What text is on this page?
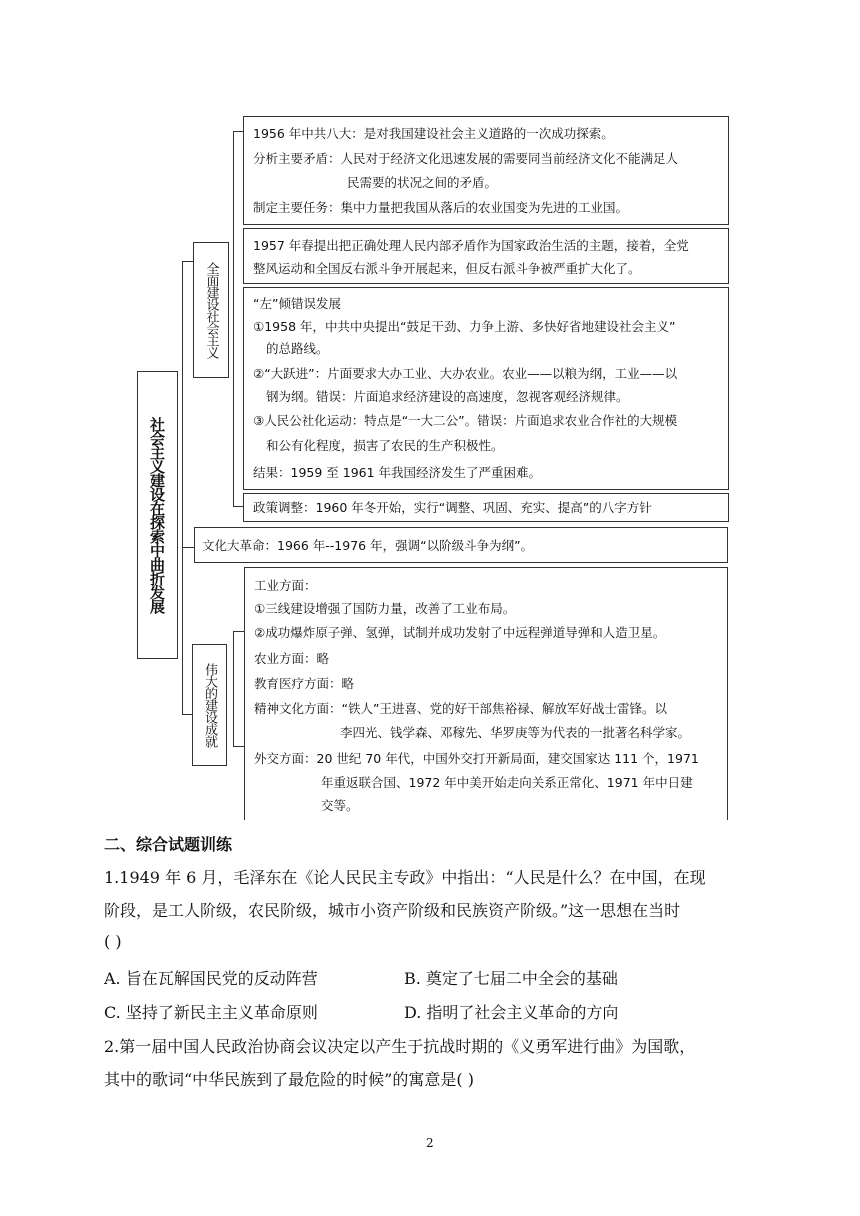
社会主义建设在探索中曲折发展
全面建设社会主义
伟大的建设成就
1956 年中共八大：是对我国建设社会主义道路的一次成功探索。
分析主要矛盾：人民对于经济文化迅速发展的需要同当前经济文化不能满足人
民需要的状况之间的矛盾。
制定主要任务：集中力量把我国从落后的农业国变为先进的工业国。
1957 年春提出把正确处理人民内部矛盾作为国家政治生活的主题，接着，全党
整风运动和全国反右派斗争开展起来，但反右派斗争被严重扩大化了。
“左”倾错误发展
①1958 年，中共中央提出“鼓足干劲、力争上游、多快好省地建设社会主义”
的总路线。
②“大跃进”：片面要求大办工业、大办农业。农业——以粮为纲，工业——以
钢为纲。错误：片面追求经济建设的高速度，忽视客观经济规律。
③人民公社化运动：特点是“一大二公”。错误：片面追求农业合作社的大规模
和公有化程度，损害了农民的生产积极性。
结果：1959 至 1961 年我国经济发生了严重困难。
政策调整：1960 年冬开始，实行“调整、巩固、充实、提高”的八字方针
文化大革命：1966 年--1976 年，强调“以阶级斗争为纲”。
工业方面：
①三线建设增强了国防力量，改善了工业布局。
②成功爆炸原子弹、氢弹，试制并成功发射了中远程弹道导弹和人造卫星。
农业方面：略
教育医疗方面：略
精神文化方面：“铁人”王进喜、党的好干部焦裕禄、解放军好战士雷锋。以
李四光、钱学森、邓稼先、华罗庚等为代表的一批著名科学家。
外交方面：20 世纪 70 年代，中国外交打开新局面，建交国家达 111 个，1971
年重返联合国、1972 年中美开始走向关系正常化、1971 年中日建
交等。
二、综合试题训练
1.1949 年 6 月，毛泽东在《论人民民主专政》中指出：“人民是什么？在中国，在现
阶段，是工人阶级，农民阶级，城市小资产阶级和民族资产阶级。”这一思想在当时
( )
A. 旨在瓦解国民党的反动阵营	B. 奠定了七届二中全会的基础
C. 坚持了新民主主义革命原则	D. 指明了社会主义革命的方向
2.第一届中国人民政治协商会议决定以产生于抗战时期的《义勇军进行曲》为国歌，
其中的歌词“中华民族到了最危险的时候”的寓意是( )
2
